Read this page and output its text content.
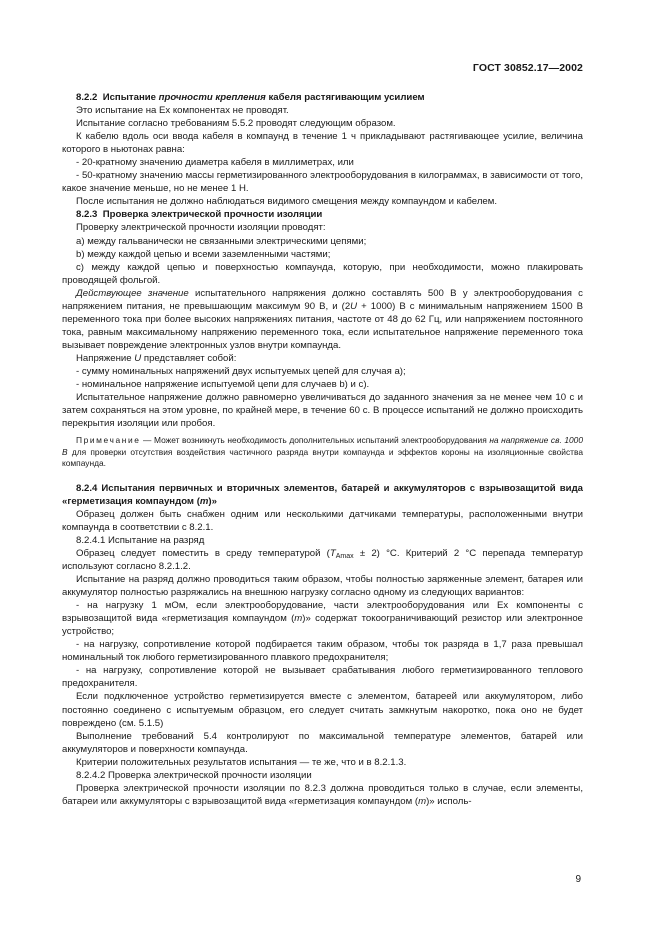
ГОСТ 30852.17—2002

8.2.2 Испытание прочности крепления кабеля растягивающим усилием

Это испытание на Ex компонентах не проводят.

Испытание согласно требованиям 5.5.2 проводят следующим образом.

К кабелю вдоль оси ввода кабеля в компаунд в течение 1 ч прикладывают растягивающее усилие, величина которого в ньютонах равна:

- 20-кратному значению диаметра кабеля в миллиметрах, или

- 50-кратному значению массы герметизированного электрооборудования в килограммах, в зависимости от того, какое значение меньше, но не менее 1 Н.

После испытания не должно наблюдаться видимого смещения между компаундом и кабелем.

8.2.3 Проверка электрической прочности изоляции

Проверку электрической прочности изоляции проводят:

a) между гальванически не связанными электрическими цепями;

b) между каждой цепью и всеми заземленными частями;

c) между каждой цепью и поверхностью компаунда, которую, при необходимости, можно плакировать проводящей фольгой.

Действующее значение испытательного напряжения должно составлять 500 В у электрооборудования с напряжением питания, не превышающим максимум 90 В, и (2U + 1000) В с минимальным напряжением 1500 В переменного тока при более высоких напряжениях питания, частоте от 48 до 62 Гц, или напряжением постоянного тока, равным максимальному напряжению переменного тока, если испытательное напряжение переменного тока вызывает повреждение электронных узлов внутри компаунда.

Напряжение U представляет собой:

- сумму номинальных напряжений двух испытуемых цепей для случая a);

- номинальное напряжение испытуемой цепи для случаев b) и c).

Испытательное напряжение должно равномерно увеличиваться до заданного значения за не менее чем 10 с и затем сохраняться на этом уровне, по крайней мере, в течение 60 с. В процессе испытаний не должно происходить перекрытия изоляции или пробоя.

Примечание — Может возникнуть необходимость дополнительных испытаний электрооборудования на напряжение св. 1000 В для проверки отсутствия воздействия частичного разряда внутри компаунда и эффектов короны на изоляционные свойства компаунда.

8.2.4 Испытания первичных и вторичных элементов, батарей и аккумуляторов с взрывозащитой вида «герметизация компаундом (m)»

Образец должен быть снабжен одним или несколькими датчиками температуры, расположенными внутри компаунда в соответствии с 8.2.1.

8.2.4.1 Испытание на разряд

Образец следует поместить в среду температурой $(T_{Amax} \pm 2)$ °C. Критерий 2 °C перепада температур используют согласно 8.2.1.2.

Испытание на разряд должно проводиться таким образом, чтобы полностью заряженные элемент, батарея или аккумулятор полностью разряжались на внешнюю нагрузку согласно одному из следующих вариантов:

- на нагрузку 1 мОм, если электрооборудование, части электрооборудования или Ex компоненты с взрывозащитой вида «герметизация компаундом (m)» содержат токоограничивающий резистор или электронное устройство;

- на нагрузку, сопротивление которой подбирается таким образом, чтобы ток разряда в 1,7 раза превышал номинальный ток любого герметизированного плавкого предохранителя;

- на нагрузку, сопротивление которой не вызывает срабатывания любого герметизированного теплового предохранителя.

Если подключенное устройство герметизируется вместе с элементом, батареей или аккумулятором, либо постоянно соединено с испытуемым образцом, его следует считать замкнутым накоротко, пока оно не будет повреждено (см. 5.1.5)

Выполнение требований 5.4 контролируют по максимальной температуре элементов, батарей или аккумуляторов и поверхности компаунда.

Критерии положительных результатов испытания — те же, что и в 8.2.1.3.

8.2.4.2 Проверка электрической прочности изоляции

Проверка электрической прочности изоляции по 8.2.3 должна проводиться только в случае, если элементы, батареи или аккумуляторы с взрывозащитой вида «герметизация компаундом (m)» исполь-

9
